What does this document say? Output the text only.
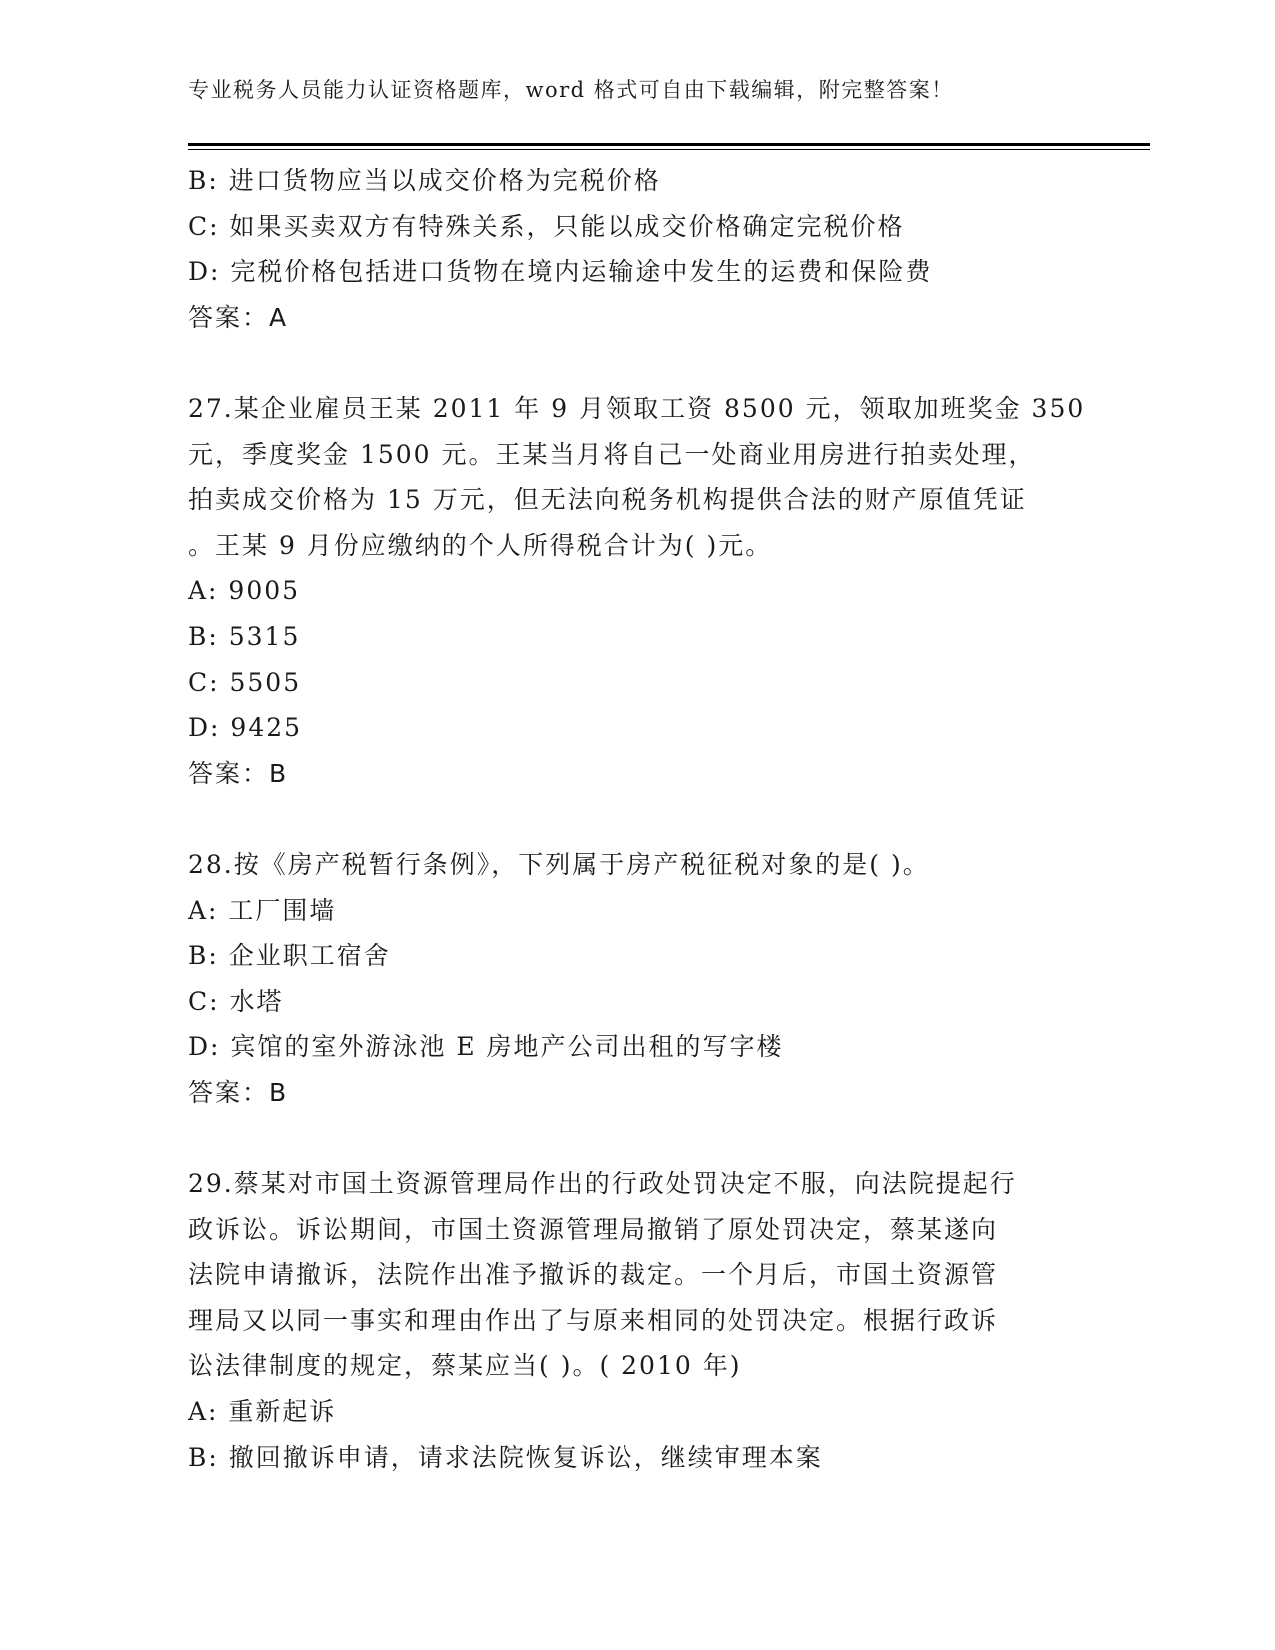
专业税务人员能力认证资格题库，word 格式可自由下载编辑，附完整答案！
B: 进口货物应当以成交价格为完税价格
C: 如果买卖双方有特殊关系，只能以成交价格确定完税价格
D: 完税价格包括进口货物在境内运输途中发生的运费和保险费
答案：A
27.某企业雇员王某 2011 年 9 月领取工资 8500 元，领取加班奖金 350
元，季度奖金 1500 元。王某当月将自己一处商业用房进行拍卖处理，
拍卖成交价格为 15 万元，但无法向税务机构提供合法的财产原值凭证
。王某 9 月份应缴纳的个人所得税合计为( )元。
A: 9005
B: 5315
C: 5505
D: 9425
答案：B
28.按《房产税暂行条例》，下列属于房产税征税对象的是( )。
A: 工厂围墙
B: 企业职工宿舍
C: 水塔
D: 宾馆的室外游泳池 E 房地产公司出租的写字楼
答案：B
29.蔡某对市国土资源管理局作出的行政处罚决定不服，向法院提起行
政诉讼。诉讼期间，市国土资源管理局撤销了原处罚决定，蔡某遂向
法院申请撤诉，法院作出准予撤诉的裁定。一个月后，市国土资源管
理局又以同一事实和理由作出了与原来相同的处罚决定。根据行政诉
讼法律制度的规定，蔡某应当( )。( 2010 年)
A: 重新起诉
B: 撤回撤诉申请，请求法院恢复诉讼，继续审理本案
